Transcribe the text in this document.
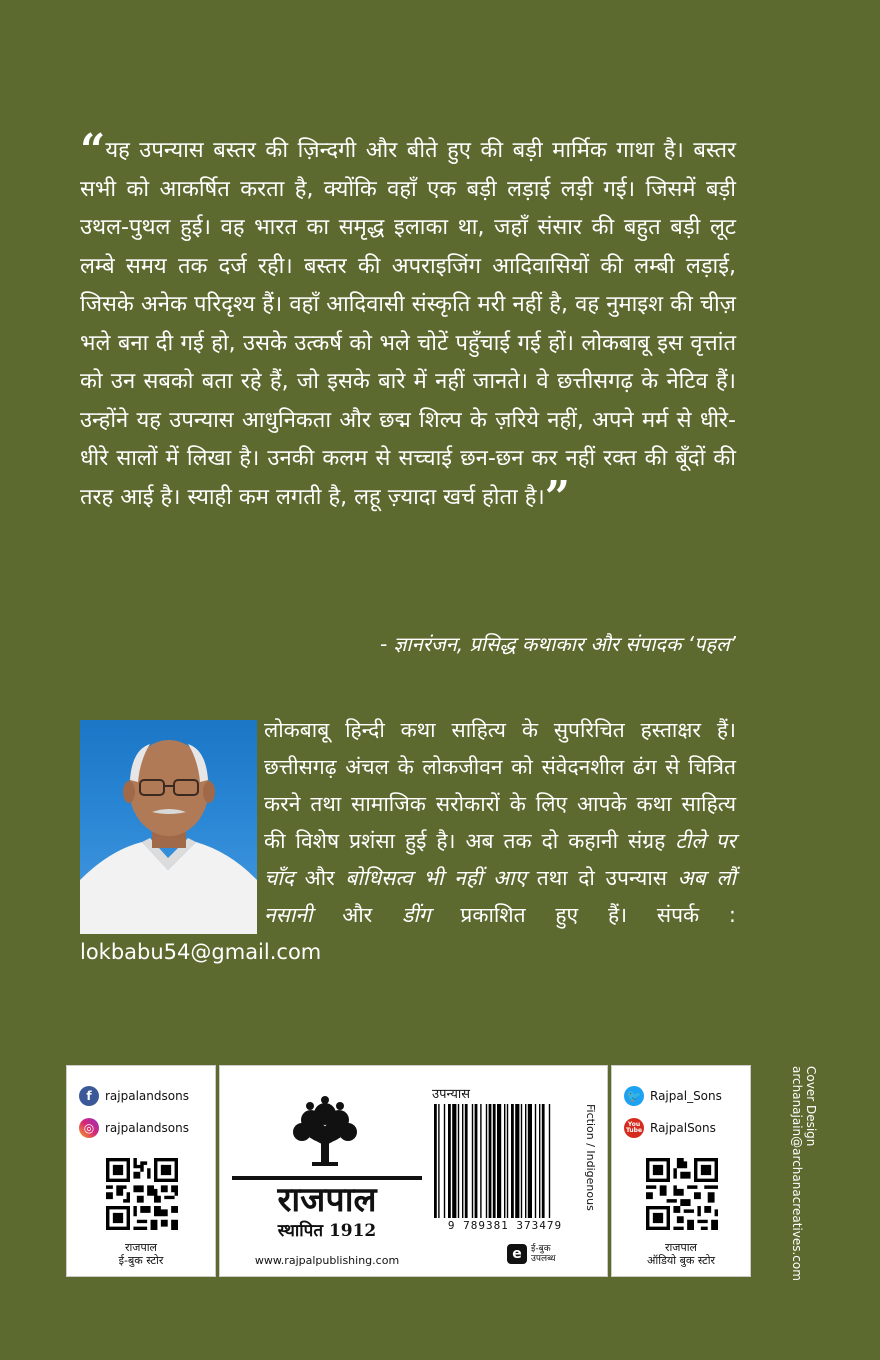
“यह उपन्यास बस्तर की ज़िन्दगी और बीते हुए की बड़ी मार्मिक गाथा है। बस्तर सभी को आकर्षित करता है, क्योंकि वहाँ एक बड़ी लड़ाई लड़ी गई। जिसमें बड़ी उथल-पुथल हुई। वह भारत का समृद्ध इलाका था, जहाँ संसार की बहुत बड़ी लूट लम्बे समय तक दर्ज रही। बस्तर की अपराइजिंग आदिवासियों की लम्बी लड़ाई, जिसके अनेक परिदृश्य हैं। वहाँ आदिवासी संस्कृति मरी नहीं है, वह नुमाइश की चीज़ भले बना दी गई हो, उसके उत्कर्ष को भले चोटें पहुँचाई गई हों। लोकबाबू इस वृत्तांत को उन सबको बता रहे हैं, जो इसके बारे में नहीं जानते। वे छत्तीसगढ़ के नेटिव हैं। उन्होंने यह उपन्यास आधुनिकता और छद्म शिल्प के ज़रिये नहीं, अपने मर्म से धीरे-धीरे सालों में लिखा है। उनकी कलम से सच्चाई छन-छन कर नहीं रक्त की बूँदों की तरह आई है। स्याही कम लगती है, लहू ज़्यादा खर्च होता है।”
- ज्ञानरंजन, प्रसिद्ध कथाकार और संपादक ‘पहल’
लोकबाबू हिन्दी कथा साहित्य के सुपरिचित हस्ताक्षर हैं। छत्तीसगढ़ अंचल के लोकजीवन को संवेदनशील ढंग से चित्रित करने तथा सामाजिक सरोकारों के लिए आपके कथा साहित्य की विशेष प्रशंसा हुई है। अब तक दो कहानी संग्रह टीले पर चाँद और बोधिसत्व भी नहीं आए तथा दो उपन्यास अब लौं नसानी और डींग प्रकाशित हुए हैं। संपर्क : lokbabu54@gmail.com
Cover Design
archanajain@archanacreatives.com
f	rajpalandsons
◎ rajpalandsons
राजपाल
ई-बुक स्टोर
राजपाल
स्थापित 1912
www.rajpalpublishing.com
उपन्यास
9 789381 373479
Fiction / Indigenous
e	ई-बुक
उपलब्ध
🐦 Rajpal_Sons
You Tube RajpalSons
राजपाल
ऑडियो बुक स्टोर
